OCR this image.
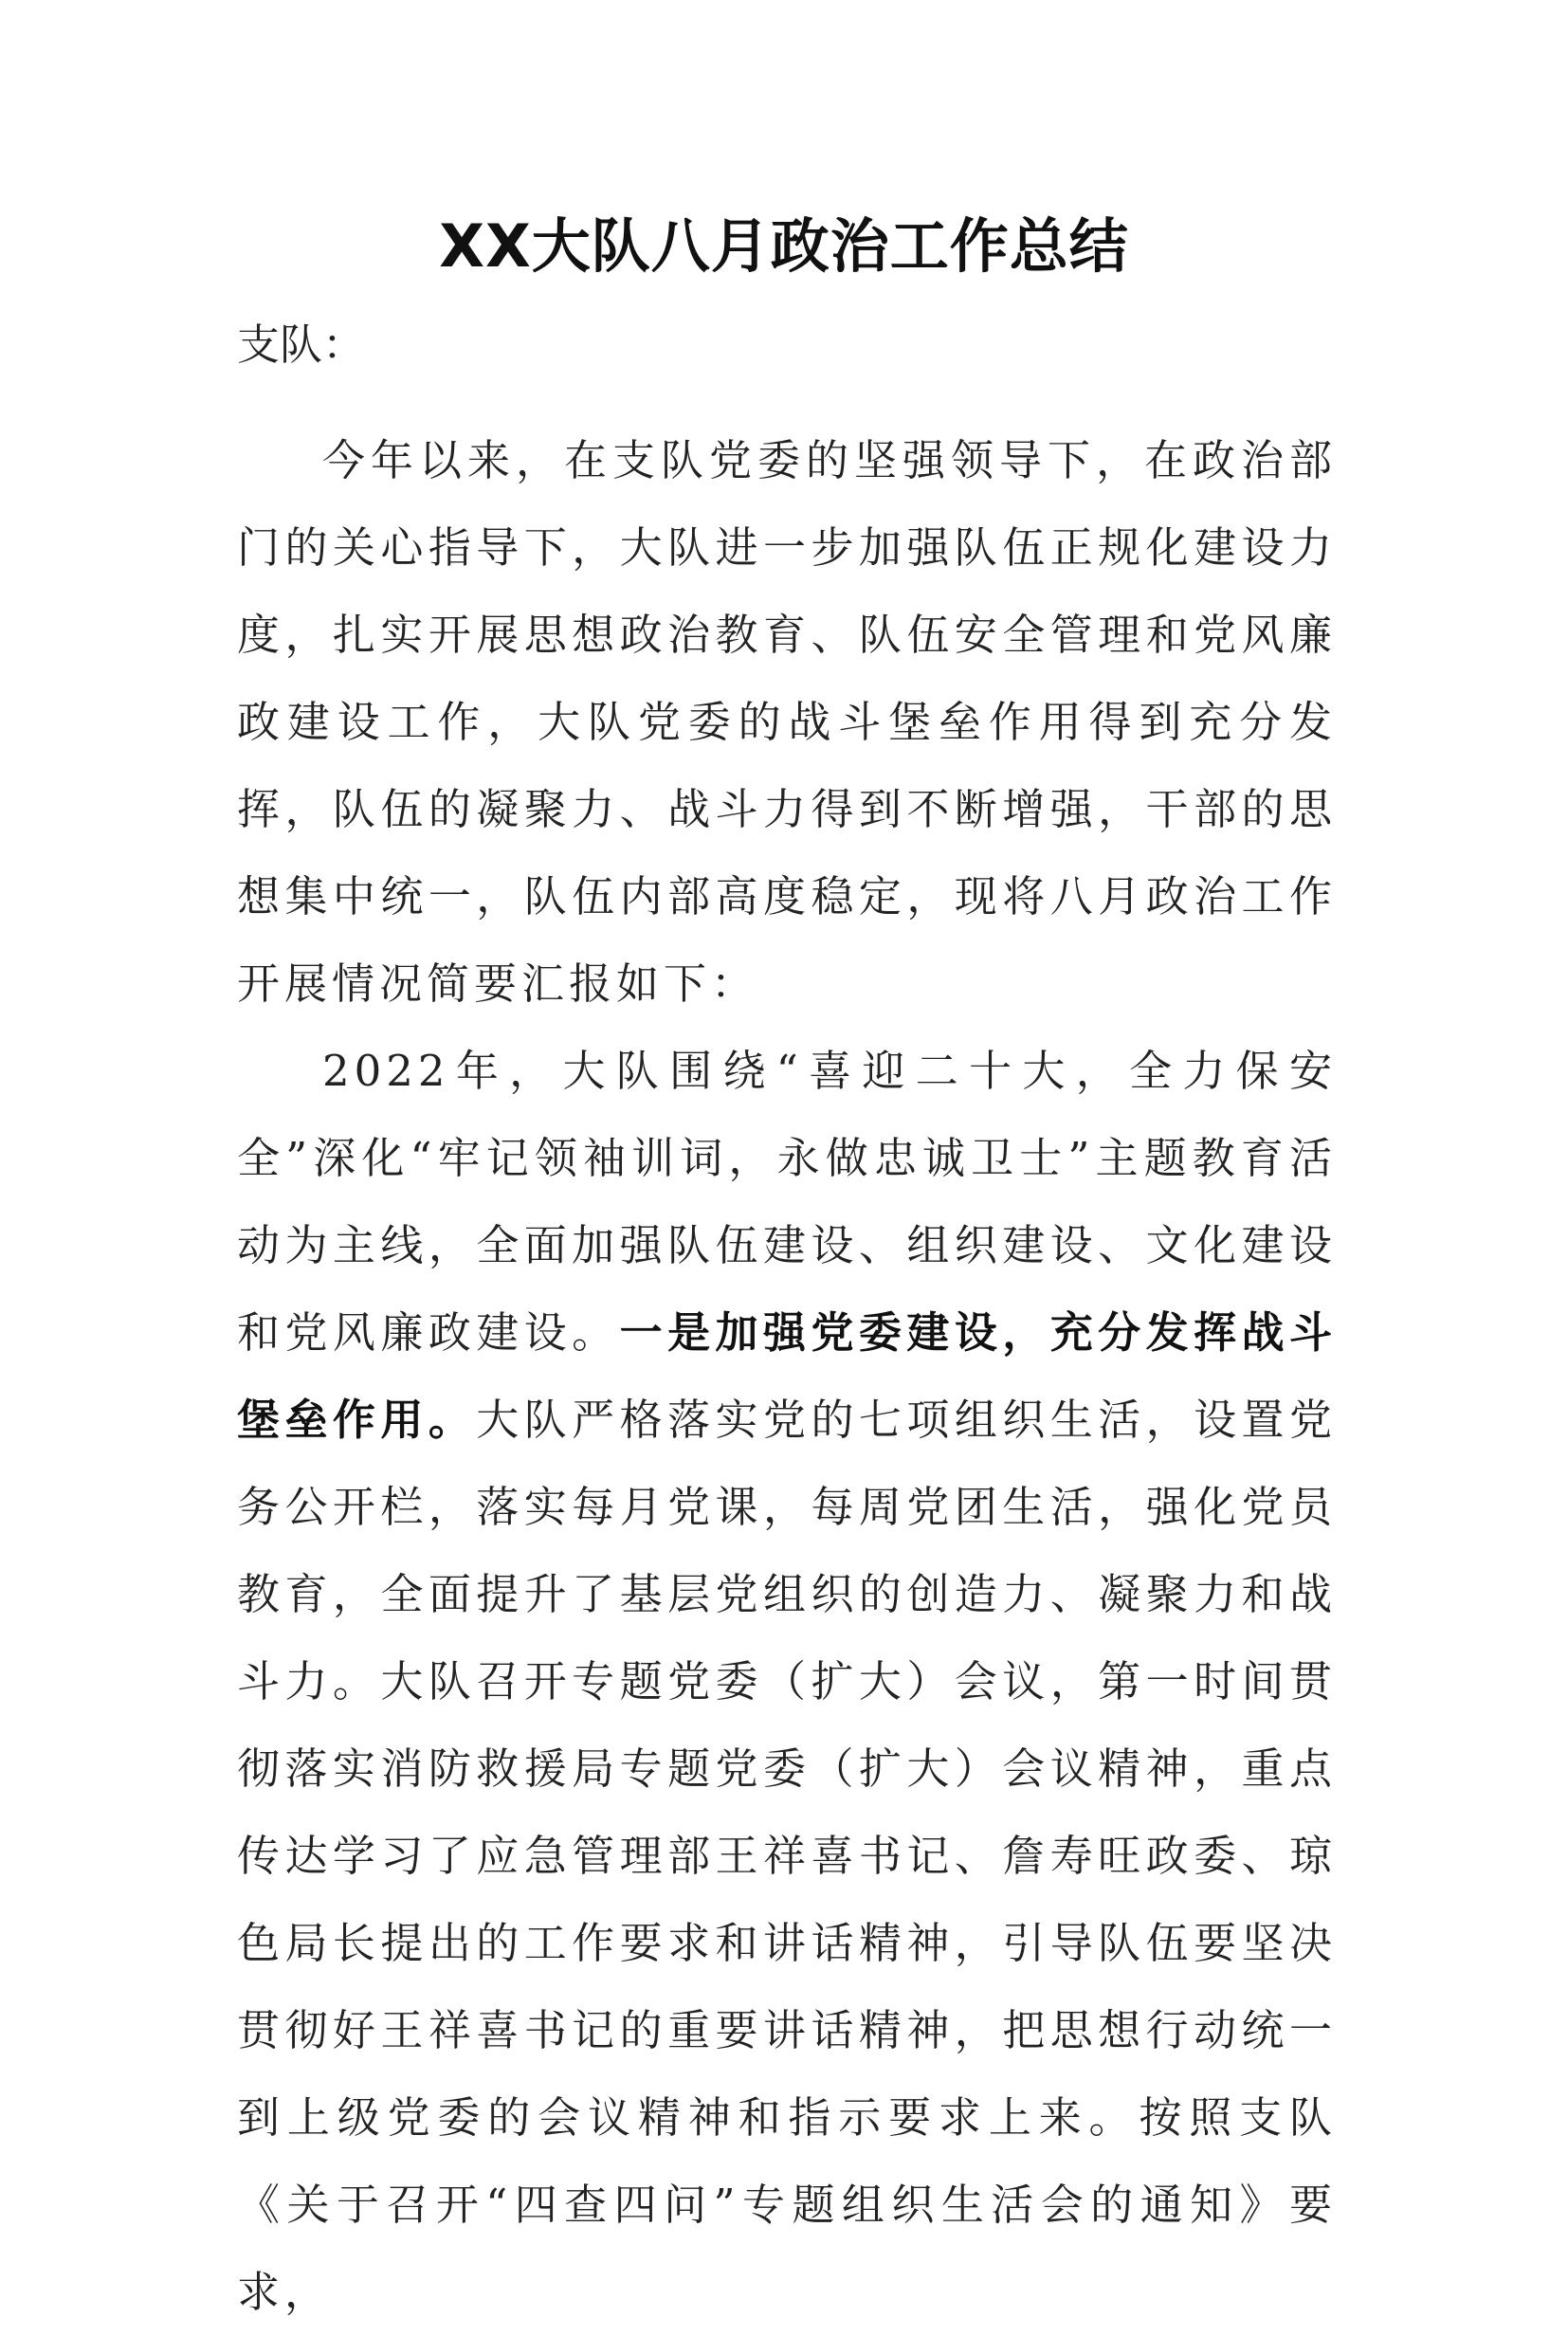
XX大队八月政治工作总结
支队：

今年以来，在支队党委的坚强领导下，在政治部门的关心指导下，大队进一步加强队伍正规化建设力度，扎实开展思想政治教育、队伍安全管理和党风廉政建设工作，大队党委的战斗堡垒作用得到充分发挥，队伍的凝聚力、战斗力得到不断增强，干部的思想集中统一，队伍内部高度稳定，现将八月政治工作开展情况简要汇报如下：

2022年，大队围绕“喜迎二十大，全力保安全”深化“牢记领袖训词，永做忠诚卫士”主题教育活动为主线，全面加强队伍建设、组织建设、文化建设和党风廉政建设。一是加强党委建设，充分发挥战斗堡垒作用。大队严格落实党的七项组织生活，设置党务公开栏，落实每月党课，每周党团生活，强化党员教育，全面提升了基层党组织的创造力、凝聚力和战斗力。大队召开专题党委（扩大）会议，第一时间贯彻落实消防救援局专题党委（扩大）会议精神，重点传达学习了应急管理部王祥喜书记、詹寿旺政委、琼色局长提出的工作要求和讲话精神，引导队伍要坚决贯彻好王祥喜书记的重要讲话精神，把思想行动统一到上级党委的会议精神和指示要求上来。按照支队《关于召开“四查四问”专题组织生活会的通知》要求，
